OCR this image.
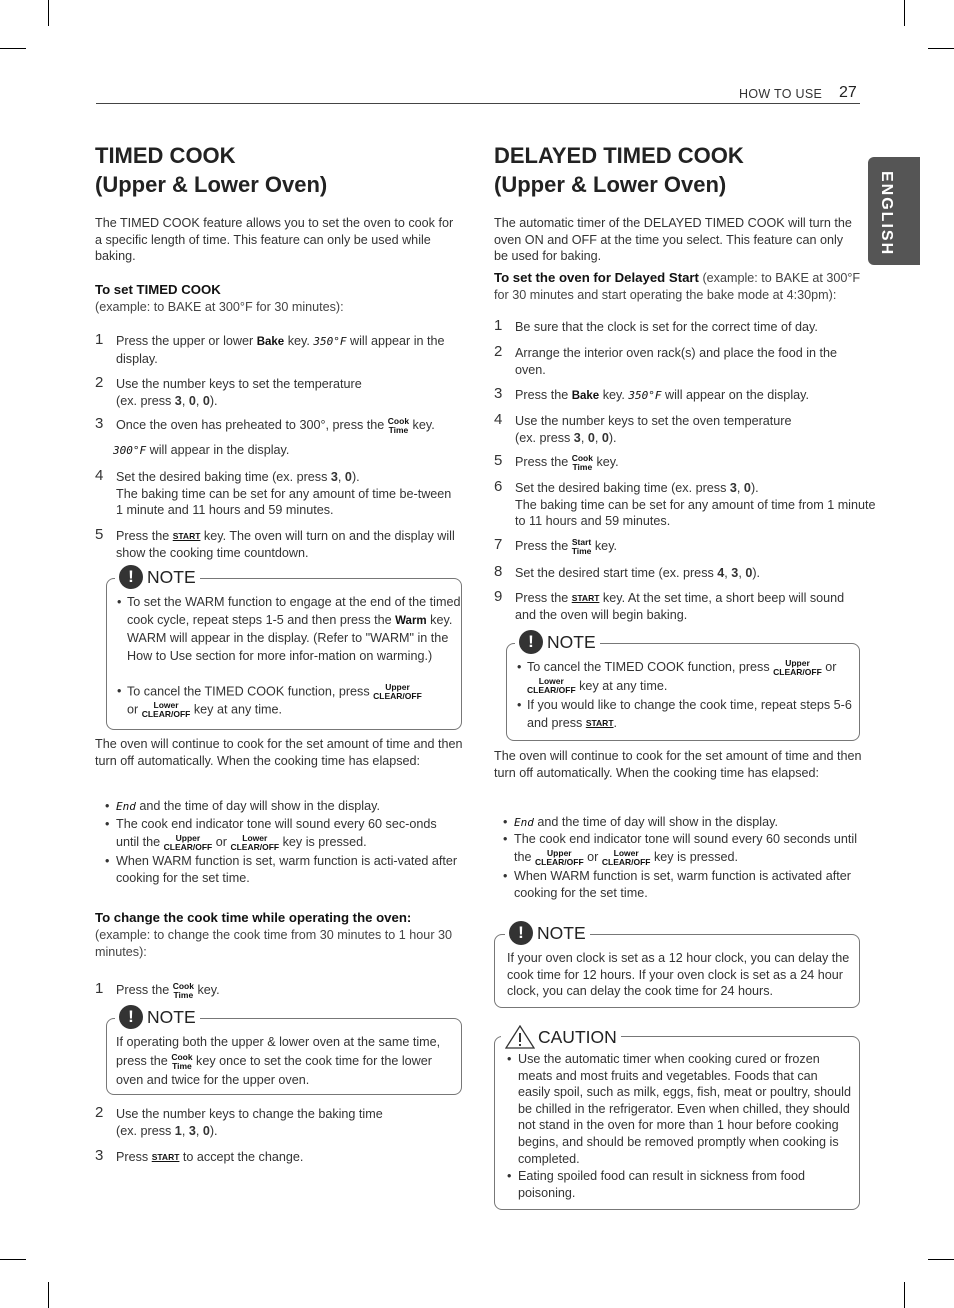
HOW TO USE 27
ENGLISH

TIMED COOK

(Upper & Lower Oven)

The TIMED COOK feature allows you to set the oven to cook for a specific length of time. This feature can only be used while baking.

To set TIMED COOK

(example: to BAKE at 300°F for 30 minutes):

1 Press the upper or lower Bake key. 350°F will appear in the display.
2 Use the number keys to set the temperature
(ex. press 3, 0, 0).
3 Once the oven has preheated to 300°, press the Cook
Time key.
300°F will appear in the display.
4 Set the desired baking time (ex. press 3, 0).
The baking time can be set for any amount of time be-tween 1 minute and 11 hours and 59 minutes.
5 Press the START key. The oven will turn on and the display will show the cooking time countdown.
! NOTE
• To set the WARM function to engage at the end of the timed cook cycle, repeat steps 1-5 and then press the Warm key. WARM will appear in the display. (Refer to "WARM" in the How to Use section for more infor-mation on warming.)
• To cancel the TIMED COOK function, press Upper
CLEAR/OFF
or Lower
CLEAR/OFF key at any time.
The oven will continue to cook for the set amount of time and then turn off automatically. When the cooking time has elapsed:
• End and the time of day will show in the display.
• The cook end indicator tone will sound every 60 sec-onds until the Upper
CLEAR/OFF or Lower
CLEAR/OFF key is pressed.
• When WARM function is set, warm function is acti-vated after cooking for the set time.

To change the cook time while operating the oven:

(example: to change the cook time from 30 minutes to 1 hour 30 minutes):

1 Press the Cook
Time key.
! NOTE
If operating both the upper & lower oven at the same time, press the Cook
Time key once to set the cook time for the lower oven and twice for the upper oven.
2 Use the number keys to change the baking time
(ex. press 1, 3, 0).
3 Press START to accept the change.

DELAYED TIMED COOK

(Upper & Lower Oven)

The automatic timer of the DELAYED TIMED COOK will turn the oven ON and OFF at the time you select. This feature can only be used for baking.
To set the oven for Delayed Start (example: to BAKE at 300°F for 30 minutes and start operating the bake mode at 4:30pm):
1 Be sure that the clock is set for the correct time of day.
2 Arrange the interior oven rack(s) and place the food in the oven.
3 Press the Bake key. 350°F will appear on the display.
4 Use the number keys to set the oven temperature
(ex. press 3, 0, 0).
5 Press the Cook
Time key.
6 Set the desired baking time (ex. press 3, 0).
The baking time can be set for any amount of time from 1 minute to 11 hours and 59 minutes.
7 Press the Start
Time key.
8 Set the desired start time (ex. press 4, 3, 0).
9 Press the START key. At the set time, a short beep will sound and the oven will begin baking.
! NOTE
• To cancel the TIMED COOK function, press Upper
CLEAR/OFF or
Lower
CLEAR/OFF key at any time.
• If you would like to change the cook time, repeat steps 5-6 and press START.
The oven will continue to cook for the set amount of time and then turn off automatically. When the cooking time has elapsed:
• End and the time of day will show in the display.
• The cook end indicator tone will sound every 60 seconds until the Upper
CLEAR/OFF or Lower
CLEAR/OFF key is pressed.
• When WARM function is set, warm function is activated after cooking for the set time.
! NOTE
If your oven clock is set as a 12 hour clock, you can delay the cook time for 12 hours. If your oven clock is set as a 24 hour clock, you can delay the cook time for 24 hours.
CAUTION
• Use the automatic timer when cooking cured or frozen meats and most fruits and vegetables. Foods that can easily spoil, such as milk, eggs, fish, meat or poultry, should be chilled in the refrigerator. Even when chilled, they should not stand in the oven for more than 1 hour before cooking begins, and should be removed promptly when cooking is completed.
• Eating spoiled food can result in sickness from food poisoning.
